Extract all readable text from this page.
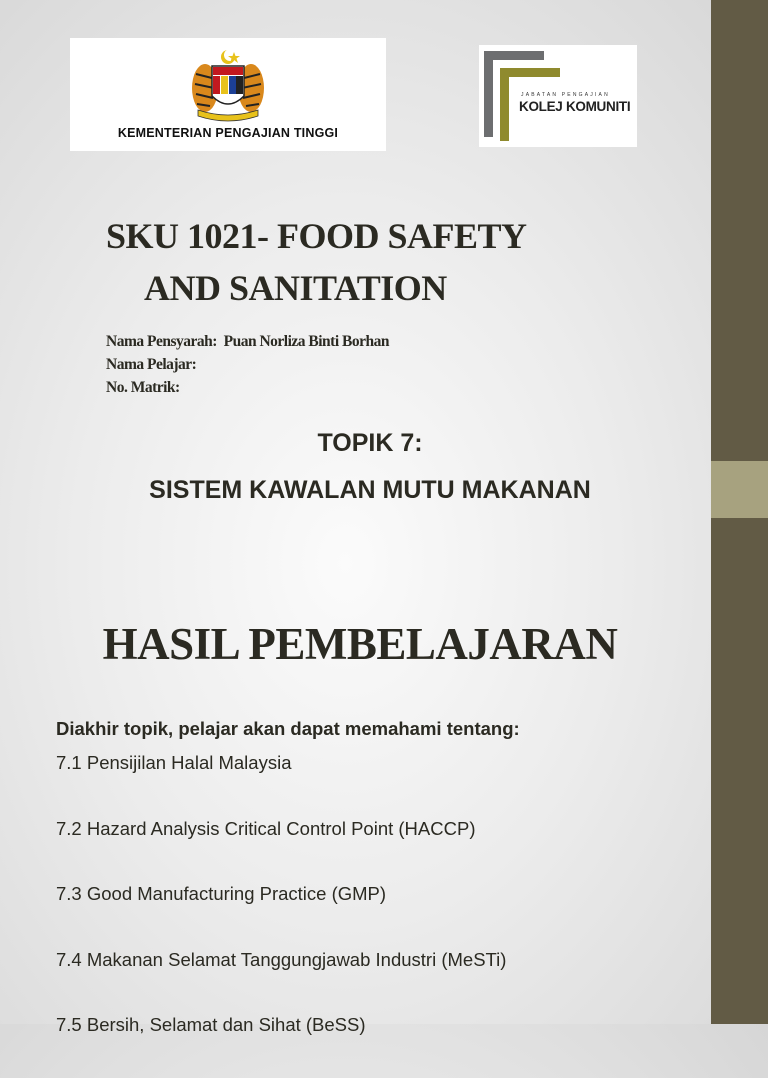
KEMENTERIAN PENGAJIAN TINGGI
JABATAN PENGAJIAN
KOLEJ KOMUNITI
SKU 1021- FOOD SAFETY
AND SANITATION
Nama Pensyarah:  Puan Norliza Binti Borhan
Nama Pelajar:
No. Matrik:
TOPIK 7:
SISTEM KAWALAN MUTU MAKANAN
HASIL PEMBELAJARAN
Diakhir topik, pelajar akan dapat memahami tentang:
7.1 Pensijilan Halal Malaysia
7.2 Hazard Analysis Critical Control Point (HACCP)
7.3 Good Manufacturing Practice (GMP)
7.4 Makanan Selamat Tanggungjawab Industri (MeSTi)
7.5 Bersih, Selamat dan Sihat (BeSS)
